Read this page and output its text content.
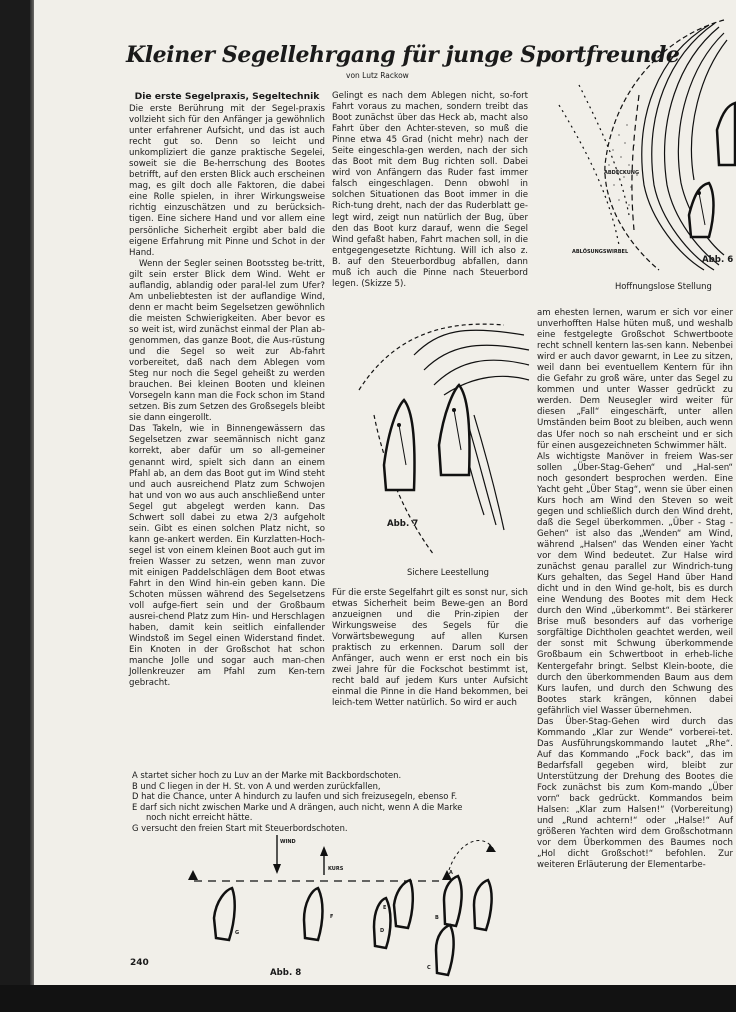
Kleiner Segellehrgang für junge Sportfreunde
von Lutz Rackow
Die erste Segelpraxis, Segeltechnik

Die erste Berührung mit der Segel-praxis vollzieht sich für den Anfänger ja gewöhnlich unter erfahrener Aufsicht, und das ist auch recht gut so. Denn so leicht und unkompliziert die ganze praktische Segelei, soweit sie die Be-herrschung des Bootes betrifft, auf den ersten Blick auch erscheinen mag, es gilt doch alle Faktoren, die dabei eine Rolle spielen, in ihrer Wirkungsweise richtig einzuschätzen und zu berücksich-tigen. Eine sichere Hand und vor allem eine persönliche Sicherheit ergibt aber bald die eigene Erfahrung mit Pinne und Schot in der Hand.

Wenn der Segler seinen Bootssteg be-tritt, gilt sein erster Blick dem Wind. Weht er auflandig, ablandig oder paral-lel zum Ufer? Am unbeliebtesten ist der auflandige Wind, denn er macht beim Segelsetzen gewöhnlich die meisten Schwierigkeiten. Aber bevor es so weit ist, wird zunächst einmal der Plan ab-genommen, das ganze Boot, die Aus-rüstung und die Segel so weit zur Ab-fahrt vorbereitet, daß nach dem Ablegen vom Steg nur noch die Segel geheißt zu werden brauchen. Bei kleinen Booten und kleinen Vorsegeln kann man die Fock schon im Stand setzen. Bis zum Setzen des Großsegels bleibt sie dann eingerollt.

Das Takeln, wie in Binnengewässern das Segelsetzen zwar seemännisch nicht ganz korrekt, aber dafür um so all-gemeiner genannt wird, spielt sich dann an einem Pfahl ab, an dem das Boot gut im Wind steht und auch ausreichend Platz zum Schwojen hat und von wo aus auch anschließend unter Segel gut abgelegt werden kann. Das Schwert soll dabei zu etwa 2/3 aufgeholt sein. Gibt es einen solchen Platz nicht, so kann ge-ankert werden. Ein Kurzlatten-Hoch-segel ist von einem kleinen Boot auch gut im freien Wasser zu setzen, wenn man zuvor mit einigen Paddelschlägen dem Boot etwas Fahrt in den Wind hin-ein geben kann. Die Schoten müssen während des Segelsetzens voll aufge-fiert sein und der Großbaum ausrei-chend Platz zum Hin- und Herschlagen haben, damit kein seitlich einfallender Windstoß im Segel einen Widerstand findet. Ein Knoten in der Großschot hat schon manche Jolle und sogar auch man-chen Jollenkreuzer am Pfahl zum Ken-tern gebracht.

Gelingt es nach dem Ablegen nicht, so-fort Fahrt voraus zu machen, sondern treibt das Boot zunächst über das Heck ab, macht also Fahrt über den Achter-steven, so muß die Pinne etwa 45 Grad (nicht mehr) nach der Seite eingeschla-gen werden, nach der sich das Boot mit dem Bug richten soll. Dabei wird von Anfängern das Ruder fast immer falsch eingeschlagen. Denn obwohl in solchen Situationen das Boot immer in die Rich-tung dreht, nach der das Ruderblatt ge-legt wird, zeigt nun natürlich der Bug, über den das Boot kurz darauf, wenn die Segel Wind gefaßt haben, Fahrt machen soll, in die entgegengesetzte Richtung. Will ich also z. B. auf den Steuerbordbug abfallen, dann muß ich auch die Pinne nach Steuerbord legen. (Skizze 5).

Für die erste Segelfahrt gilt es sonst nur, sich etwas Sicherheit beim Bewe-gen an Bord anzueignen und die Prin-zipien der Wirkungsweise des Segels für die Vorwärtsbewegung auf allen Kursen praktisch zu erkennen. Darum soll der Anfänger, auch wenn er erst noch ein bis zwei Jahre für die Fockschot bestimmt ist, recht bald auf jedem Kurs unter Aufsicht einmal die Pinne in die Hand bekommen, bei leich-tem Wetter natürlich. So wird er auch

am ehesten lernen, warum er sich vor einer unverhofften Halse hüten muß, und weshalb eine festgelegte Großschot Schwertboote recht schnell kentern las-sen kann. Nebenbei wird er auch davor gewarnt, in Lee zu sitzen, weil dann bei eventuellem Kentern für ihn die Gefahr zu groß wäre, unter das Segel zu kommen und unter Wasser gedrückt zu werden. Dem Neusegler wird weiter für diesen „Fall“ eingeschärft, unter allen Umständen beim Boot zu bleiben, auch wenn das Ufer noch so nah erscheint und er sich für einen ausgezeichneten Schwimmer hält.

Als wichtigste Manöver in freiem Was-ser sollen „Über-Stag-Gehen“ und „Hal-sen“ noch gesondert besprochen werden. Eine Yacht geht „Über Stag“, wenn sie über einen Kurs hoch am Wind den Steven so weit gegen und schließlich durch den Wind dreht, daß die Segel überkommen. „Über - Stag - Gehen“ ist also das „Wenden“ am Wind, während „Halsen“ das Wenden einer Yacht vor dem Wind bedeutet. Zur Halse wird zunächst genau parallel zur Windrich-tung Kurs gehalten, das Segel Hand über Hand dicht und in den Wind ge-holt, bis es durch eine Wendung des Bootes mit dem Heck durch den Wind „überkommt“. Bei stärkerer Brise muß besonders auf das vorherige sorgfältige Dichtholen geachtet werden, weil der sonst mit Schwung überkommende Großbaum ein Schwertboot in erheb-liche Kentergefahr bringt. Selbst Klein-boote, die durch den überkommenden Baum aus dem Kurs laufen, und durch den Schwung des Bootes stark krängen, können dabei gefährlich viel Wasser übernehmen.

Das Über-Stag-Gehen wird durch das Kommando „Klar zur Wende“ vorberei-tet. Das Ausführungskommando lautet „Rhe“. Auf das Kommando „Fock back“, das im Bedarfsfall gegeben wird, bleibt zur Unterstützung der Drehung des Bootes die Fock zunächst bis zum Kom-mando „Über vorn“ back gedrückt. Kommandos beim Halsen: „Klar zum Halsen!“ (Vorbereitung) und „Rund achtern!“ oder „Halse!“ Auf größeren Yachten wird dem Großschotmann vor dem Überkommen des Baumes noch „Hol dicht Großschot!“ befohlen. Zur weiteren Erläuterung der Elementarbe-

ABDECKUNG
ABLÖSUNGSWIRBEL
Abb. 6
Hoffnungslose Stellung
Abb. 7
Sichere Leestellung
A startet sicher hoch zu Luv an der Marke mit Backbordschoten.
B und C liegen in der H. St. von A und werden zurückfallen,
D hat die Chance, unter A hindurch zu laufen und sich freizusegeln, ebenso F.
E darf sich nicht zwischen Marke und A drängen, auch nicht, wenn A die Marke
noch nicht erreicht hätte.
G versucht den freien Start mit Steuerbordschoten.
WIND
KURS
G
F
E
D
B
A
C
Abb. 8
240
